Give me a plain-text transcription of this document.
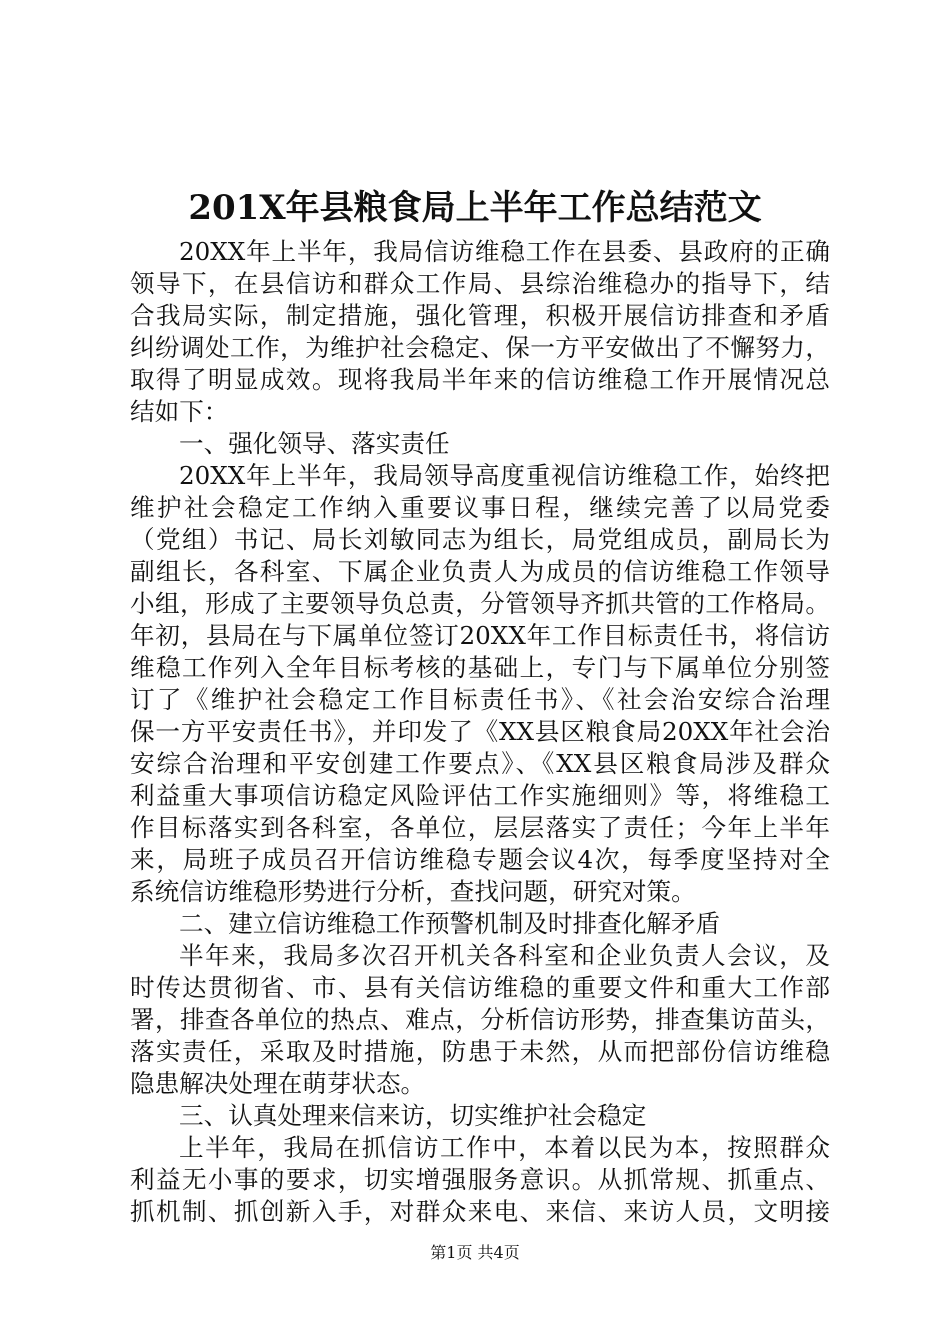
201X年县粮食局上半年工作总结范文
20XX年上半年，我局信访维稳工作在县委、县政府的正确
领导下，在县信访和群众工作局、县综治维稳办的指导下，结
合我局实际，制定措施，强化管理，积极开展信访排查和矛盾
纠纷调处工作，为维护社会稳定、保一方平安做出了不懈努力，
取得了明显成效。现将我局半年来的信访维稳工作开展情况总
结如下：
一、强化领导、落实责任
20XX年上半年，我局领导高度重视信访维稳工作，始终把
维护社会稳定工作纳入重要议事日程，继续完善了以局党委
（党组）书记、局长刘敏同志为组长，局党组成员，副局长为
副组长，各科室、下属企业负责人为成员的信访维稳工作领导
小组，形成了主要领导负总责，分管领导齐抓共管的工作格局。
年初，县局在与下属单位签订20XX年工作目标责任书，将信访
维稳工作列入全年目标考核的基础上，专门与下属单位分别签
订了《维护社会稳定工作目标责任书》、《社会治安综合治理
保一方平安责任书》，并印发了《XX县区粮食局20XX年社会治
安综合治理和平安创建工作要点》、《XX县区粮食局涉及群众
利益重大事项信访稳定风险评估工作实施细则》等，将维稳工
作目标落实到各科室，各单位，层层落实了责任；今年上半年
来，局班子成员召开信访维稳专题会议4次，每季度坚持对全
系统信访维稳形势进行分析，查找问题，研究对策。
二、建立信访维稳工作预警机制及时排查化解矛盾
半年来，我局多次召开机关各科室和企业负责人会议，及
时传达贯彻省、市、县有关信访维稳的重要文件和重大工作部
署，排查各单位的热点、难点，分析信访形势，排查集访苗头，
落实责任，采取及时措施，防患于未然，从而把部份信访维稳
隐患解决处理在萌芽状态。
三、认真处理来信来访，切实维护社会稳定
上半年，我局在抓信访工作中，本着以民为本，按照群众
利益无小事的要求，切实增强服务意识。从抓常规、抓重点、
抓机制、抓创新入手，对群众来电、来信、来访人员，文明接
第1页 共4页
